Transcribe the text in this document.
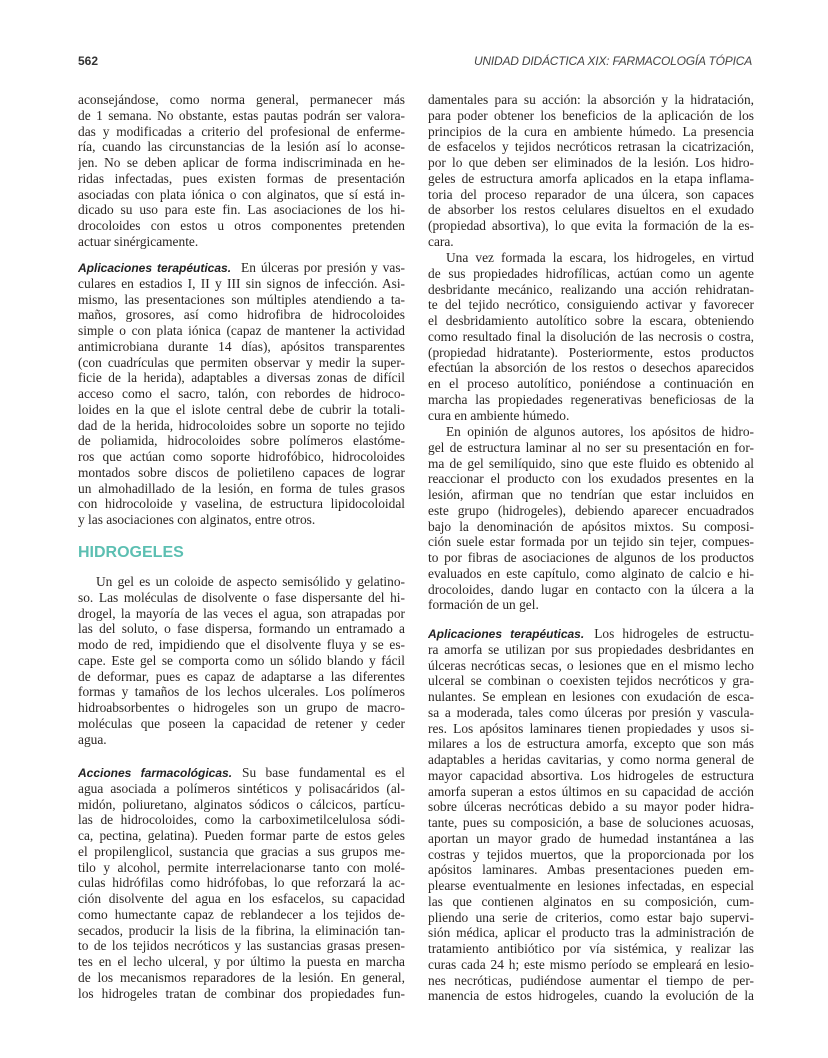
562	UNIDAD DIDÁCTICA XIX: FARMACOLOGÍA TÓPICA
aconsejándose, como norma general, permanecer más
de 1 semana. No obstante, estas pautas podrán ser valora-
das y modificadas a criterio del profesional de enferme-
ría, cuando las circunstancias de la lesión así lo aconse-
jen. No se deben aplicar de forma indiscriminada en he-
ridas infectadas, pues existen formas de presentación
asociadas con plata iónica o con alginatos, que sí está in-
dicado su uso para este fin. Las asociaciones de los hi-
drocoloides con estos u otros componentes pretenden
actuar sinérgicamente.
Aplicaciones terapéuticas. En úlceras por presión y vas-
culares en estadios I, II y III sin signos de infección. Asi-
mismo, las presentaciones son múltiples atendiendo a ta-
maños, grosores, así como hidrofibra de hidrocoloides
simple o con plata iónica (capaz de mantener la actividad
antimicrobiana durante 14 días), apósitos transparentes
(con cuadrículas que permiten observar y medir la super-
ficie de la herida), adaptables a diversas zonas de difícil
acceso como el sacro, talón, con rebordes de hidroco-
loides en la que el islote central debe de cubrir la totali-
dad de la herida, hidrocoloides sobre un soporte no tejido
de poliamida, hidrocoloides sobre polímeros elastóme-
ros que actúan como soporte hidrofóbico, hidrocoloides
montados sobre discos de polietileno capaces de lograr
un almohadillado de la lesión, en forma de tules grasos
con hidrocoloide y vaselina, de estructura lipidocoloidal
y las asociaciones con alginatos, entre otros.
HIDROGELES
Un gel es un coloide de aspecto semisólido y gelatino-
so. Las moléculas de disolvente o fase dispersante del hi-
drogel, la mayoría de las veces el agua, son atrapadas por
las del soluto, o fase dispersa, formando un entramado a
modo de red, impidiendo que el disolvente fluya y se es-
cape. Este gel se comporta como un sólido blando y fácil
de deformar, pues es capaz de adaptarse a las diferentes
formas y tamaños de los lechos ulcerales. Los polímeros
hidroabsorbentes o hidrogeles son un grupo de macro-
moléculas que poseen la capacidad de retener y ceder
agua.
Acciones farmacológicas. Su base fundamental es el
agua asociada a polímeros sintéticos y polisacáridos (al-
midón, poliuretano, alginatos sódicos o cálcicos, partícu-
las de hidrocoloides, como la carboximetilcelulosa sódi-
ca, pectina, gelatina). Pueden formar parte de estos geles
el propilenglicol, sustancia que gracias a sus grupos me-
tilo y alcohol, permite interrelacionarse tanto con molé-
culas hidrófilas como hidrófobas, lo que reforzará la ac-
ción disolvente del agua en los esfacelos, su capacidad
como humectante capaz de reblandecer a los tejidos de-
secados, producir la lisis de la fibrina, la eliminación tan-
to de los tejidos necróticos y las sustancias grasas presen-
tes en el lecho ulceral, y por último la puesta en marcha
de los mecanismos reparadores de la lesión. En general,
los hidrogeles tratan de combinar dos propiedades fun-
damentales para su acción: la absorción y la hidratación,
para poder obtener los beneficios de la aplicación de los
principios de la cura en ambiente húmedo. La presencia
de esfacelos y tejidos necróticos retrasan la cicatrización,
por lo que deben ser eliminados de la lesión. Los hidro-
geles de estructura amorfa aplicados en la etapa inflama-
toria del proceso reparador de una úlcera, son capaces
de absorber los restos celulares disueltos en el exudado
(propiedad absortiva), lo que evita la formación de la es-
cara.
Una vez formada la escara, los hidrogeles, en virtud
de sus propiedades hidrofílicas, actúan como un agente
desbridante mecánico, realizando una acción rehidratan-
te del tejido necrótico, consiguiendo activar y favorecer
el desbridamiento autolítico sobre la escara, obteniendo
como resultado final la disolución de las necrosis o costra,
(propiedad hidratante). Posteriormente, estos productos
efectúan la absorción de los restos o desechos aparecidos
en el proceso autolítico, poniéndose a continuación en
marcha las propiedades regenerativas beneficiosas de la
cura en ambiente húmedo.
En opinión de algunos autores, los apósitos de hidro-
gel de estructura laminar al no ser su presentación en for-
ma de gel semilíquido, sino que este fluido es obtenido al
reaccionar el producto con los exudados presentes en la
lesión, afirman que no tendrían que estar incluidos en
este grupo (hidrogeles), debiendo aparecer encuadrados
bajo la denominación de apósitos mixtos. Su composi-
ción suele estar formada por un tejido sin tejer, compues-
to por fibras de asociaciones de algunos de los productos
evaluados en este capítulo, como alginato de calcio e hi-
drocoloides, dando lugar en contacto con la úlcera a la
formación de un gel.
Aplicaciones terapéuticas. Los hidrogeles de estructu-
ra amorfa se utilizan por sus propiedades desbridantes en
úlceras necróticas secas, o lesiones que en el mismo lecho
ulceral se combinan o coexisten tejidos necróticos y gra-
nulantes. Se emplean en lesiones con exudación de esca-
sa a moderada, tales como úlceras por presión y vascula-
res. Los apósitos laminares tienen propiedades y usos si-
milares a los de estructura amorfa, excepto que son más
adaptables a heridas cavitarias, y como norma general de
mayor capacidad absortiva. Los hidrogeles de estructura
amorfa superan a estos últimos en su capacidad de acción
sobre úlceras necróticas debido a su mayor poder hidra-
tante, pues su composición, a base de soluciones acuosas,
aportan un mayor grado de humedad instantánea a las
costras y tejidos muertos, que la proporcionada por los
apósitos laminares. Ambas presentaciones pueden em-
plearse eventualmente en lesiones infectadas, en especial
las que contienen alginatos en su composición, cum-
pliendo una serie de criterios, como estar bajo supervi-
sión médica, aplicar el producto tras la administración de
tratamiento antibiótico por vía sistémica, y realizar las
curas cada 24 h; este mismo período se empleará en lesio-
nes necróticas, pudiéndose aumentar el tiempo de per-
manencia de estos hidrogeles, cuando la evolución de la
